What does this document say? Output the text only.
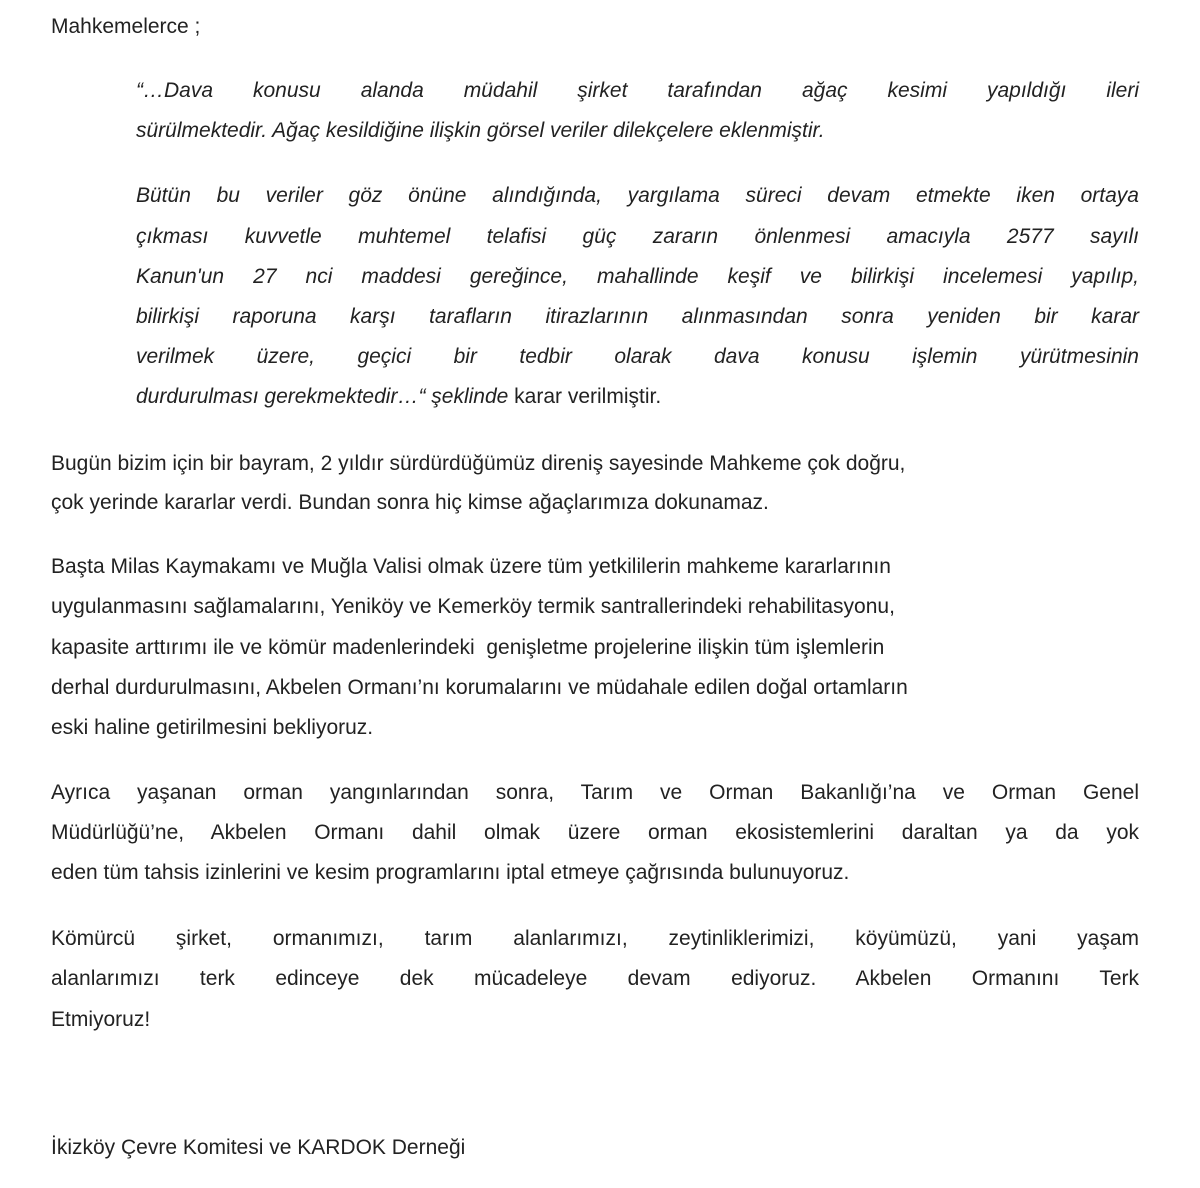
Mahkemelerce ;
“…Dava konusu alanda müdahil şirket tarafından ağaç kesimi yapıldığı ileri
sürülmektedir. Ağaç kesildiğine ilişkin görsel veriler dilekçelere eklenmiştir.
Bütün bu veriler göz önüne alındığında, yargılama süreci devam etmekte iken ortaya
çıkması kuvvetle muhtemel telafisi güç zararın önlenmesi amacıyla 2577 sayılı
Kanun'un 27 nci maddesi gereğince, mahallinde keşif ve bilirkişi incelemesi yapılıp,
bilirkişi raporuna karşı tarafların itirazlarının alınmasından sonra yeniden bir karar
verilmek üzere, geçici bir tedbir olarak dava konusu işlemin yürütmesinin
durdurulması gerekmektedir…“ şeklinde karar verilmiştir.
Bugün bizim için bir bayram, 2 yıldır sürdürdüğümüz direniş sayesinde Mahkeme çok doğru,
çok yerinde kararlar verdi. Bundan sonra hiç kimse ağaçlarımıza dokunamaz.
Başta Milas Kaymakamı ve Muğla Valisi olmak üzere tüm yetkililerin mahkeme kararlarının
uygulanmasını sağlamalarını, Yeniköy ve Kemerköy termik santrallerindeki rehabilitasyonu,
kapasite arttırımı ile ve kömür madenlerindeki  genişletme projelerine ilişkin tüm işlemlerin
derhal durdurulmasını, Akbelen Ormanı’nı korumalarını ve müdahale edilen doğal ortamların
eski haline getirilmesini bekliyoruz.
Ayrıca yaşanan orman yangınlarından sonra, Tarım ve Orman Bakanlığı’na ve Orman Genel
Müdürlüğü’ne, Akbelen Ormanı dahil olmak üzere orman ekosistemlerini daraltan ya da yok
eden tüm tahsis izinlerini ve kesim programlarını iptal etmeye çağrısında bulunuyoruz.
Kömürcü şirket, ormanımızı, tarım alanlarımızı, zeytinliklerimizi, köyümüzü, yani yaşam
alanlarımızı terk edinceye dek mücadeleye devam ediyoruz. Akbelen Ormanını Terk
Etmiyoruz!
İkizköy Çevre Komitesi ve KARDOK Derneği
